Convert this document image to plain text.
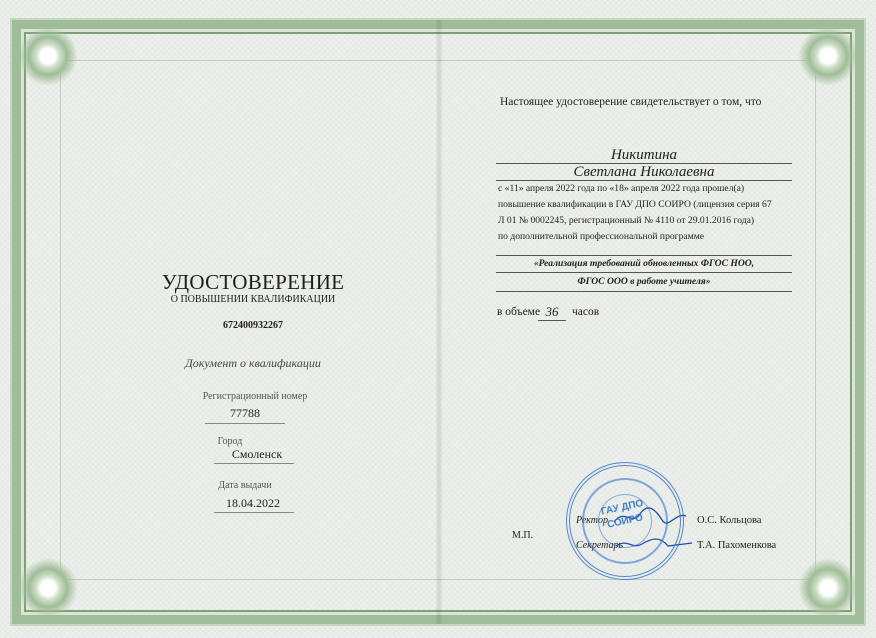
УДОСТОВЕРЕНИЕ
О ПОВЫШЕНИИ КВАЛИФИКАЦИИ
672400932267
Документ о квалификации
Регистрационный номер
77788
Город
Смоленск
Дата выдачи
18.04.2022
Настоящее удостоверение свидетельствует о том, что
Никитина
Светлана Николаевна
с «11» апреля 2022 года по «18» апреля 2022 года прошел(а)
повышение квалификации в ГАУ ДПО СОИРО (лицензия серия 67
Л 01 № 0002245, регистрационный № 4110 от 29.01.2016 года)
по дополнительной профессиональной программе
«Реализация требований обновленных ФГОС НОО,
ФГОС ООО в работе учителя»
в объеме 36	часов
М.П.
Ректор	О.С. Кольцова
Секретарь	Т.А. Пахоменкова
ГАУ ДПО
СОИРО
